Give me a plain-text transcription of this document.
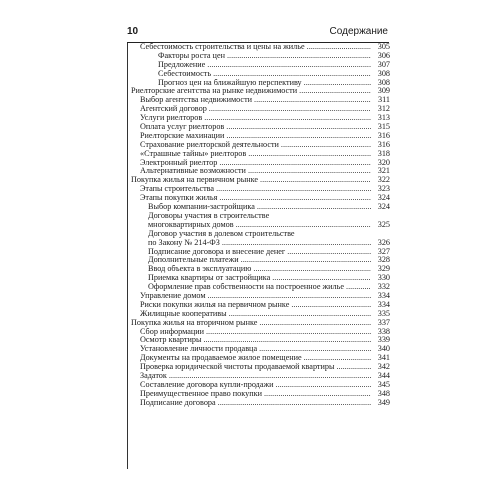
10	Содержание
Себестоимость строительства и цены на жилье .....	305
Факторы роста цен .....	306
Предложение .....	307
Себестоимость .....	308
Прогноз цен на ближайшую перспективу .....	308
Риелторские агентства на рынке недвижимости .....	309
Выбор агентства недвижимости .....	311
Агентский договор .....	312
Услуги риелторов .....	313
Оплата услуг риелторов .....	315
Риелторские махинации .....	316
Страхование риелторской деятельности .....	316
«Страшные тайны» риелторов .....	318
Электронный риелтор .....	320
Альтернативные возможности .....	321
Покупка жилья на первичном рынке .....	322
Этапы строительства .....	323
Этапы покупки жилья .....	324
Выбор компании-застройщика .....	324
Договоры участия в строительстве
многоквартирных домов .....	325
Договор участия в долевом строительстве
по Закону № 214-ФЗ .....	326
Подписание договора и внесение денег .....	327
Дополнительные платежи .....	328
Ввод объекта в эксплуатацию .....	329
Приемка квартиры от застройщика .....	330
Оформление прав собственности на построенное жилье .....	332
Управление домом .....	334
Риски покупки жилья на первичном рынке .....	334
Жилищные кооперативы .....	335
Покупка жилья на вторичном рынке .....	337
Сбор информации .....	338
Осмотр квартиры .....	339
Установление личности продавца .....	340
Документы на продаваемое жилое помещение .....	341
Проверка юридической чистоты продаваемой квартиры .....	342
Задаток .....	344
Составление договора купли-продажи .....	345
Преимущественное право покупки .....	348
Подписание договора .....	349
